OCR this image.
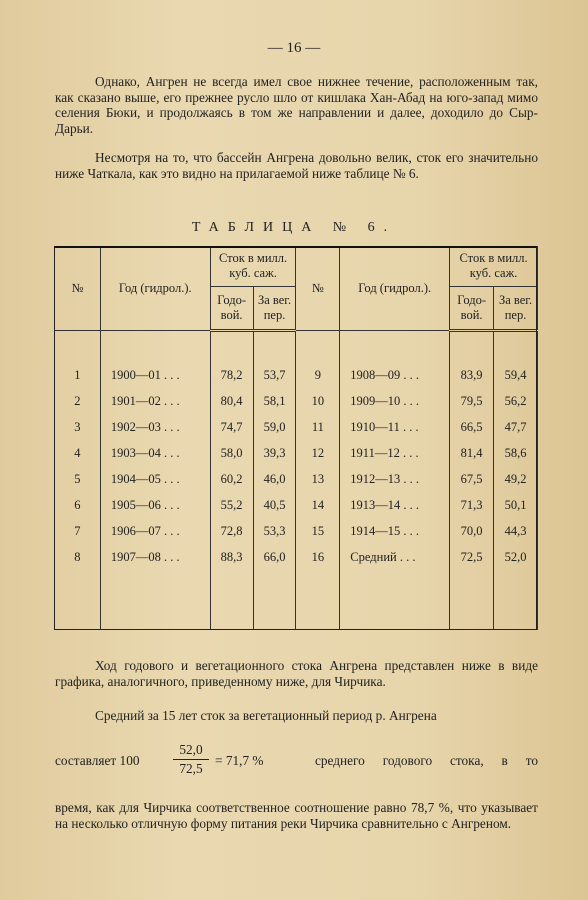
— 16 —

Однако, Ангрен не всегда имел свое нижнее течение, расположенным так, как сказано выше, его прежнее русло шло от кишлака Хан-Абад на юго-запад мимо селения Бюки, и продолжаясь в том же направлении и далее, доходило до Сыр-Дарьи.

Несмотря на то, что бассейн Ангрена довольно велик, сток его значительно ниже Чаткала, как это видно на прилагаемой ниже таблице № 6.

ТАБЛИЦА № 6.
№	Год (гидрол.).	Сток в милл. куб. саж.		№	Год (гидрол.).	Сток в милл. куб. саж.	
		Годо-вой.	За вег. пер.			Годо-вой.	За вег. пер.

1	1900—01 . . .	78,2	53,7	9	1908—09 . . .	83,9	59,4
2	1901—02 . . .	80,4	58,1	10	1909—10 . . .	79,5	56,2
3	1902—03 . . .	74,7	59,0	11	1910—11 . . .	66,5	47,7
4	1903—04 . . .	58,0	39,3	12	1911—12 . . .	81,4	58,6
5	1904—05 . . .	60,2	46,0	13	1912—13 . . .	67,5	49,2
6	1905—06 . . .	55,2	40,5	14	1913—14 . . .	71,3	50,1
7	1906—07 . . .	72,8	53,3	15	1914—15 . . .	70,0	44,3
8	1907—08 . . .	88,3	66,0	16	Средний . . .	72,5	52,0

Ход годового и вегетационного стока Ангрена представлен ниже в виде графика, аналогичного, приведенному ниже, для Чирчика.

Средний за 15 лет сток за вегетационный период р. Ангрена

составляет 100	$\frac{52,0}{72,5} = 71,7$ %	среднего годового стока, в то

время, как для Чирчика соответственное соотношение равно 78,7 %, что указывает на несколько отличную форму питания реки Чирчика сравнительно с Ангреном.
